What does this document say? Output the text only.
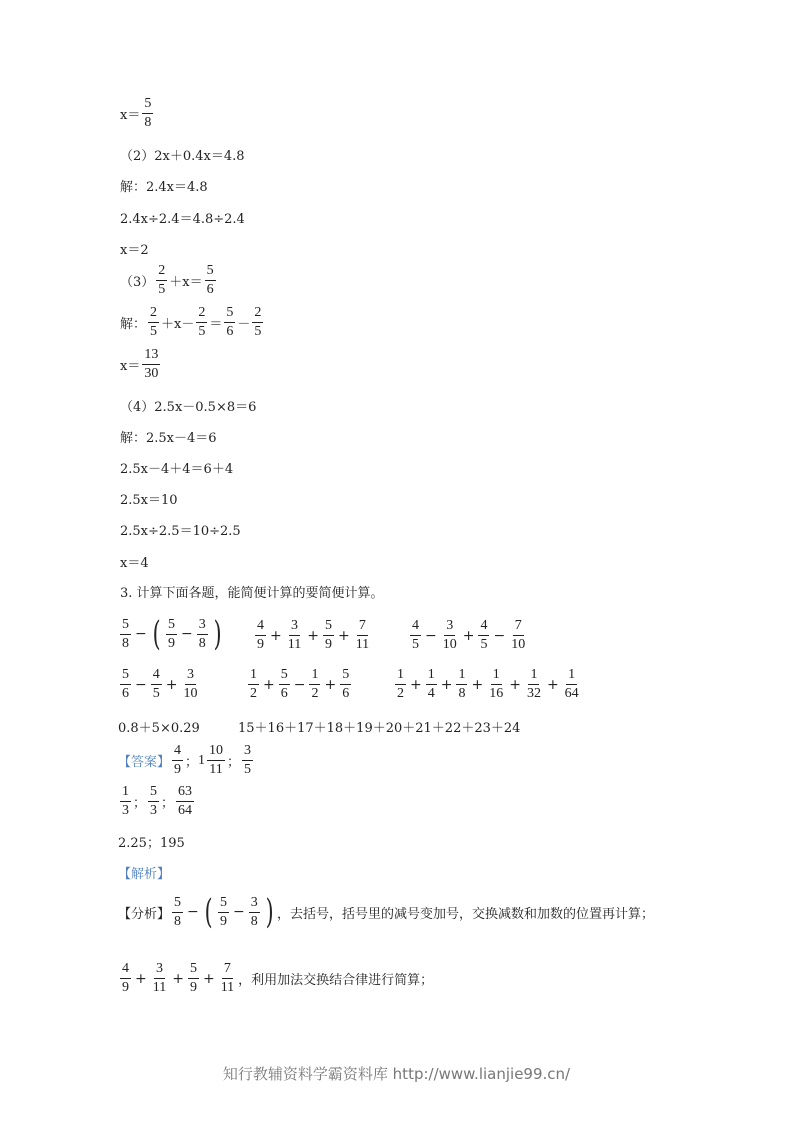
$x= \frac{5}{8}$
（2）2x＋0.4x＝4.8
解：2.4x＝4.8
2.4x÷2.4＝4.8÷2.4
x＝2
$(3) \frac{2}{5} +x= \frac{5}{6}$
解： $\frac{2}{5} +x- \frac{2}{5} = \frac{5}{6} - \frac{2}{5}$
$x= \frac{13}{30}$
（4）2.5x－0.5×8＝6
解：2.5x－4＝6
2.5x－4＋4＝6＋4
2.5x＝10
2.5x÷2.5＝10÷2.5
x＝4
3. 计算下面各题，能简便计算的要简便计算。
$\frac{5}{8}$ − ( $\frac{5}{9} - \frac{3}{8}$ ) $\frac{4}{9} + \frac{3}{11} + \frac{5}{9} + \frac{7}{11}$	$\frac{4}{5} - \frac{3}{10} + \frac{4}{5} - \frac{7}{10}$
$\frac{5}{6} - \frac{4}{5} + \frac{3}{10}$	$\frac{1}{2} + \frac{5}{6} - \frac{1}{2} + \frac{5}{6}$	$\frac{1}{2} + \frac{1}{4} + \frac{1}{8} + \frac{1}{16} + \frac{1}{32} + \frac{1}{64}$
0.8＋5×0.29	15＋16＋17＋18＋19＋20＋21＋22＋23＋24
【答案】 $\frac{4}{9}$ ； $1 \frac{10}{11}$ ； $\frac{3}{5}$
$\frac{1}{3}$ ； $\frac{5}{3}$ ； $\frac{63}{64}$
2.25；195
【解析】
【分析】 $\frac{5}{8}$ − ( $\frac{5}{9} - \frac{3}{8}$ ) ，去括号，括号里的减号变加号，交换减数和加数的位置再计算；
$\frac{4}{9} + \frac{3}{11} + \frac{5}{9} + \frac{7}{11}$ ，利用加法交换结合律进行简算；
知行教辅资料学霸资料库 http://www.lianjie99.cn/
